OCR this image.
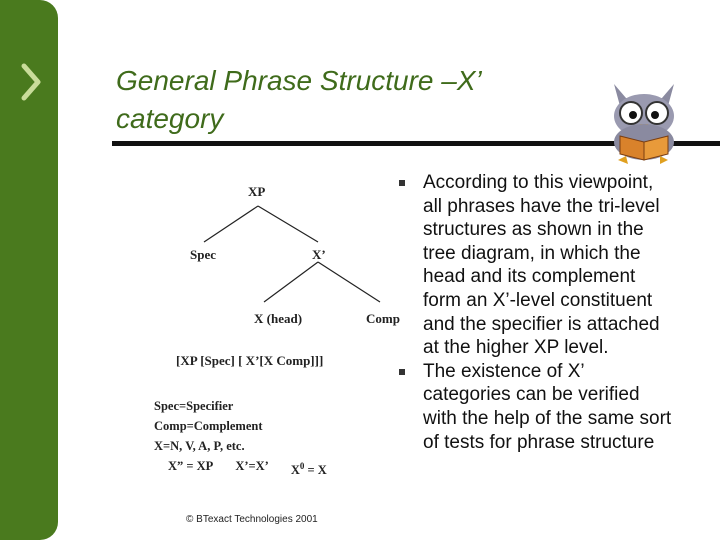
General Phrase Structure –X’ category
XP
Spec	X’
X (head)	Comp
[XP [Spec] [ X’[X Comp]]]
Spec=Specifier
Comp=Complement
X=N, V, A, P, etc.
X” = XP X’=X’ $X^0 = X$
© BTexact Technologies 2001

According to this viewpoint, all phrases have the tri-level structures as shown in the tree diagram, in which the head and its complement form an X’-level constituent and the specifier is attached at the higher XP level.

The existence of X’ categories can be verified with the help of the same sort of tests for phrase structure
